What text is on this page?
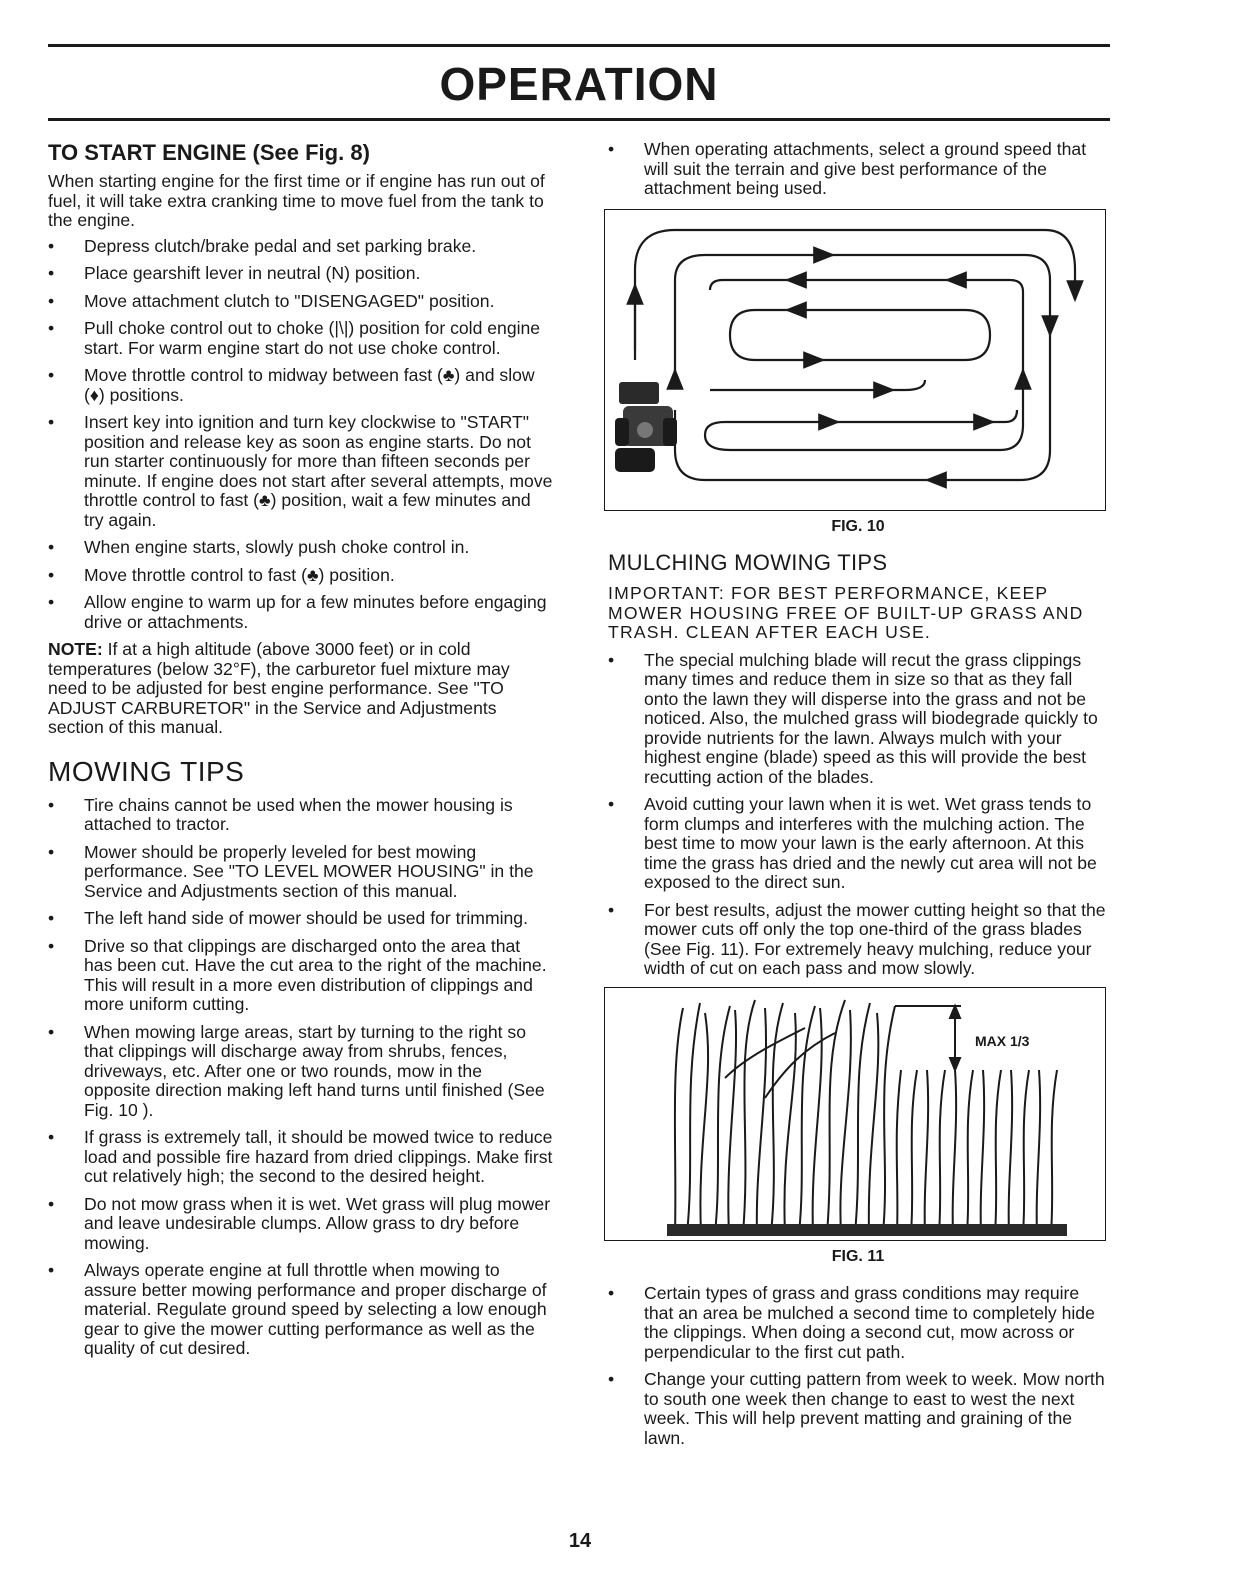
OPERATION
TO START ENGINE (See Fig. 8)

When starting engine for the first time or if engine has run out of fuel, it will take extra cranking time to move fuel from the tank to the engine.

• Depress clutch/brake pedal and set parking brake.
• Place gearshift lever in neutral (N) position.
• Move attachment clutch to "DISENGAGED" position.
• Pull choke control out to choke (|\|) position for cold engine start. For warm engine start do not use choke control.
• Move throttle control to midway between fast (♣) and slow (♦) positions.
• Insert key into ignition and turn key clockwise to "START" position and release key as soon as engine starts. Do not run starter continuously for more than fifteen seconds per minute. If engine does not start after several attempts, move throttle control to fast (♣) position, wait a few minutes and try again.
• When engine starts, slowly push choke control in.
• Move throttle control to fast (♣) position.
• Allow engine to warm up for a few minutes before engaging drive or attachments.

NOTE: If at a high altitude (above 3000 feet) or in cold temperatures (below 32°F), the carburetor fuel mixture may need to be adjusted for best engine performance. See "TO ADJUST CARBURETOR" in the Service and Adjustments section of this manual.

MOWING TIPS
• Tire chains cannot be used when the mower housing is attached to tractor.
• Mower should be properly leveled for best mowing performance. See "TO LEVEL MOWER HOUSING" in the Service and Adjustments section of this manual.
• The left hand side of mower should be used for trimming.
• Drive so that clippings are discharged onto the area that has been cut. Have the cut area to the right of the machine. This will result in a more even distribution of clippings and more uniform cutting.
• When mowing large areas, start by turning to the right so that clippings will discharge away from shrubs, fences, driveways, etc. After one or two rounds, mow in the opposite direction making left hand turns until finished (See Fig. 10 ).
• If grass is extremely tall, it should be mowed twice to reduce load and possible fire hazard from dried clippings. Make first cut relatively high; the second to the desired height.
• Do not mow grass when it is wet. Wet grass will plug mower and leave undesirable clumps. Allow grass to dry before mowing.
• Always operate engine at full throttle when mowing to assure better mowing performance and proper discharge of material. Regulate ground speed by selecting a low enough gear to give the mower cutting performance as well as the quality of cut desired.
• When operating attachments, select a ground speed that will suit the terrain and give best performance of the attachment being used.
FIG. 10
MULCHING MOWING TIPS

IMPORTANT: FOR BEST PERFORMANCE, KEEP MOWER HOUSING FREE OF BUILT-UP GRASS AND TRASH. CLEAN AFTER EACH USE.

• The special mulching blade will recut the grass clippings many times and reduce them in size so that as they fall onto the lawn they will disperse into the grass and not be noticed. Also, the mulched grass will biodegrade quickly to provide nutrients for the lawn. Always mulch with your highest engine (blade) speed as this will provide the best recutting action of the blades.
• Avoid cutting your lawn when it is wet. Wet grass tends to form clumps and interferes with the mulching action. The best time to mow your lawn is the early afternoon. At this time the grass has dried and the newly cut area will not be exposed to the direct sun.
• For best results, adjust the mower cutting height so that the mower cuts off only the top one-third of the grass blades (See Fig. 11). For extremely heavy mulching, reduce your width of cut on each pass and mow slowly.
MAX 1/3
FIG. 11
• Certain types of grass and grass conditions may require that an area be mulched a second time to completely hide the clippings. When doing a second cut, mow across or perpendicular to the first cut path.
• Change your cutting pattern from week to week. Mow north to south one week then change to east to west the next week. This will help prevent matting and graining of the lawn.
14
